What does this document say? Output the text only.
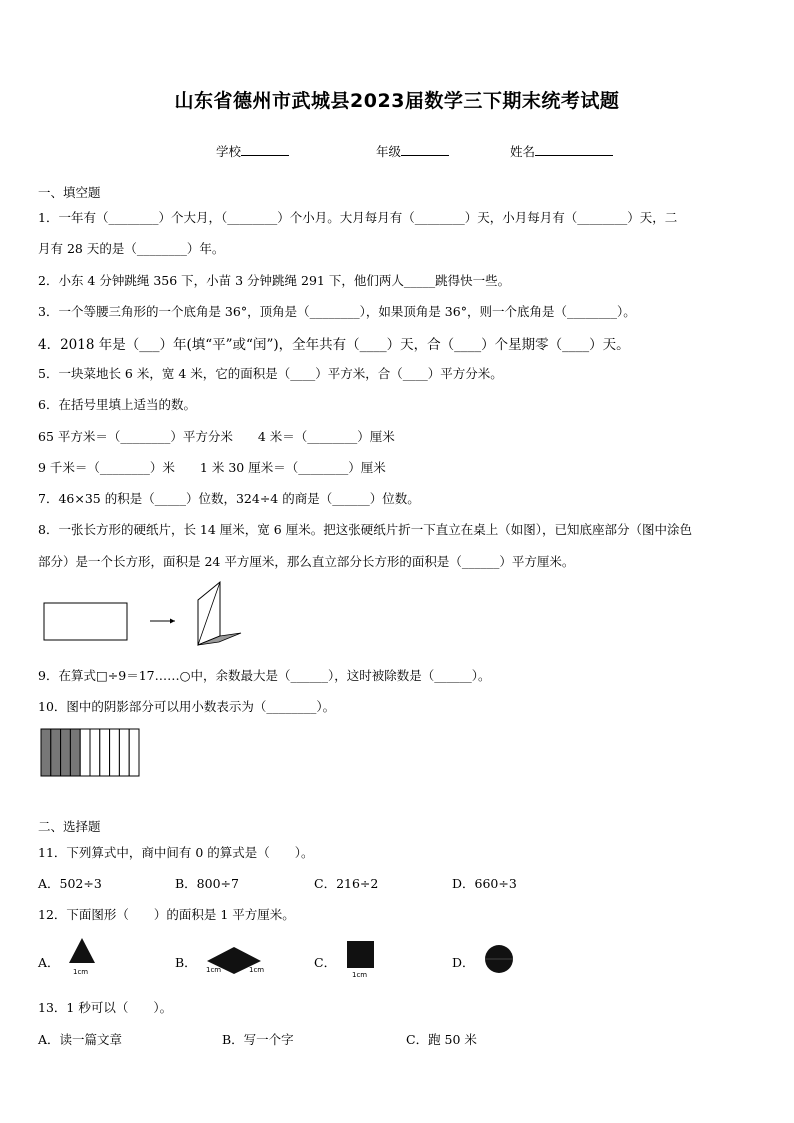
山东省德州市武城县2023届数学三下期末统考试题
学校	年级	姓名
一、填空题
1．一年有（________）个大月，（________）个小月。大月每月有（________）天，小月每月有（________）天，二
月有 28 天的是（________）年。
2．小东 4 分钟跳绳 356 下，小苗 3 分钟跳绳 291 下，他们两人_____跳得快一些。
3．一个等腰三角形的一个底角是 36°，顶角是（________），如果顶角是 36°，则一个底角是（________）。
4．2018 年是（___）年(填“平”或“闰”)，全年共有（____）天，合（____）个星期零（____）天。
5．一块菜地长 6 米，宽 4 米，它的面积是（____）平方米，合（____）平方分米。
6．在括号里填上适当的数。
65 平方米＝（________）平方分米　　4 米＝（________）厘米
9 千米＝（________）米　　1 米 30 厘米＝（________）厘米
7．46×35 的积是（_____）位数，324÷4 的商是（______）位数。
8．一张长方形的硬纸片，长 14 厘米，宽 6 厘米。把这张硬纸片折一下直立在桌上（如图），已知底座部分（图中涂色
部分）是一个长方形，面积是 24 平方厘米，那么直立部分长方形的面积是（______）平方厘米。
9．在算式□÷9＝17……○中，余数最大是（______），这时被除数是（______）。
10．图中的阴影部分可以用小数表示为（________）。
二、选择题
11．下列算式中，商中间有 0 的算式是（　　）。
A．502÷3	B．800÷7	C．216÷2	D．660÷3
12．下面图形（　　）的面积是 1 平方厘米。
A．	B．	C．	D．
1cm	1cm	1cm
1cm
13．1 秒可以（　　）。
A．读一篇文章	B．写一个字	C．跑 50 米
